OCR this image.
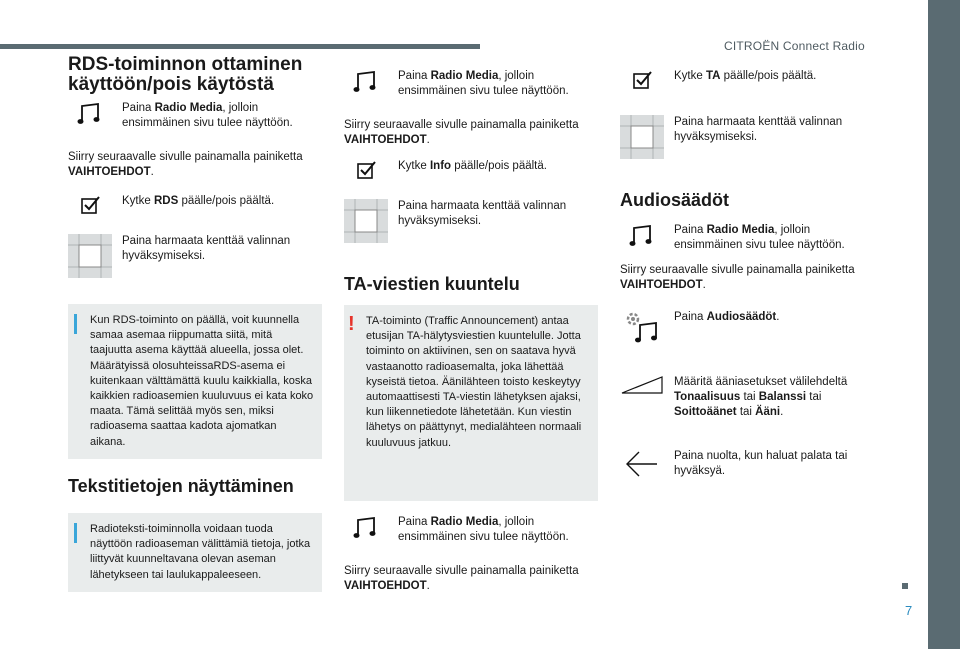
CITROËN Connect Radio
7
RDS-toiminnon ottaminen käyttöön/pois käytöstä
Paina Radio Media, jolloin ensimmäinen sivu tulee näyttöön.
Siirry seuraavalle sivulle painamalla painiketta VAIHTOEHDOT.
Kytke RDS päälle/pois päältä.
Paina harmaata kenttää valinnan hyväksymiseksi.

Kun RDS-toiminto on päällä, voit kuunnella samaa asemaa riippumatta siitä, mitä taajuutta asema käyttää alueella, jossa olet. Määrätyissä olosuhteissaRDS-asema ei kuitenkaan välttämättä kuulu kaikkialla, koska kaikkien radioasemien kuuluvuus ei kata koko maata. Tämä selittää myös sen, miksi radioasema saattaa kadota ajomatkan aikana.

Tekstitietojen näyttäminen

Radioteksti-toiminnolla voidaan tuoda näyttöön radioaseman välittämiä tietoja, jotka liittyvät kuunneltavana olevan aseman lähetykseen tai laulukappaleeseen.

Paina Radio Media, jolloin ensimmäinen sivu tulee näyttöön.
Siirry seuraavalle sivulle painamalla painiketta VAIHTOEHDOT.
Kytke Info päälle/pois päältä.
Paina harmaata kenttää valinnan hyväksymiseksi.
TA-viestien kuuntelu
! TA-toiminto (Traffic Announcement) antaa etusijan TA-hälytysviestien kuuntelulle. Jotta toiminto on aktiivinen, sen on saatava hyvä vastaanotto radioasemalta, joka lähettää kyseistä tietoa. Äänilähteen toisto keskeytyy automaattisesti TA-viestin lähetyksen ajaksi, kun liikennetiedote lähetetään. Kun viestin lähetys on päättynyt, medialähteen normaali kuuluvuus jatkuu.

Paina Radio Media, jolloin ensimmäinen sivu tulee näyttöön.
Siirry seuraavalle sivulle painamalla painiketta VAIHTOEHDOT.
Kytke TA päälle/pois päältä.
Paina harmaata kenttää valinnan hyväksymiseksi.
Audiosäädöt
Paina Radio Media, jolloin ensimmäinen sivu tulee näyttöön.
Siirry seuraavalle sivulle painamalla painiketta VAIHTOEHDOT.
Paina Audiosäädöt.
Määritä ääniasetukset välilehdeltä Tonaalisuus tai Balanssi tai Soittoäänet tai Ääni.
Paina nuolta, kun haluat palata tai hyväksyä.
